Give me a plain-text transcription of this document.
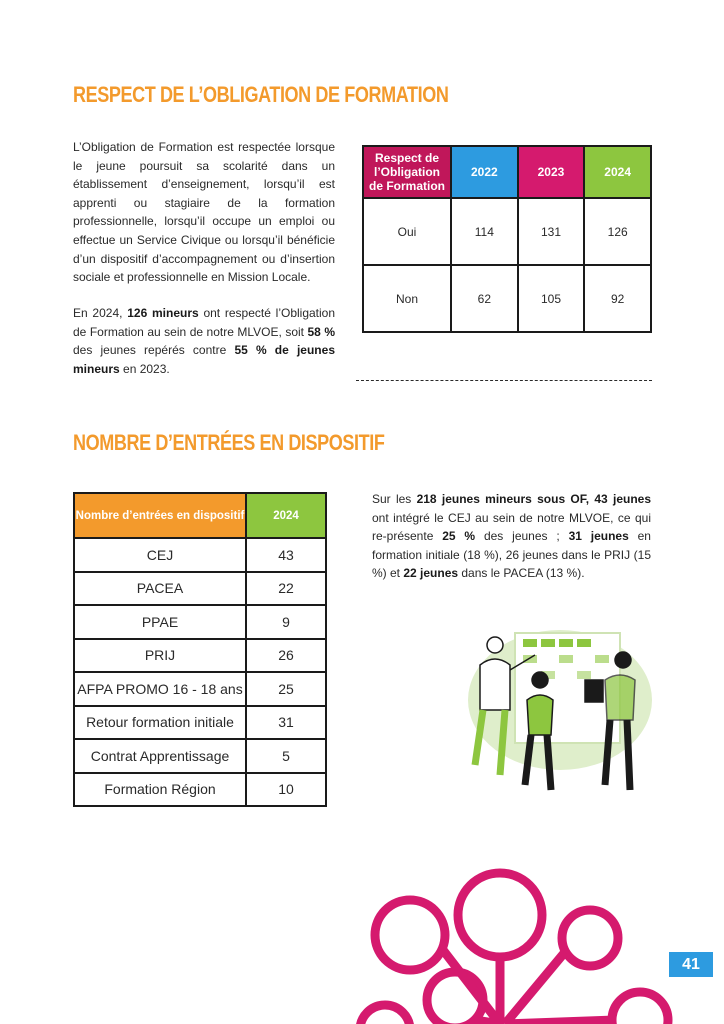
RESPECT DE L’OBLIGATION DE FORMATION

L’Obligation de Formation est respectée lorsque le jeune poursuit sa scolarité dans un établissement d’enseignement, lorsqu’il est apprenti ou stagiaire de la formation professionnelle, lorsqu’il occupe un emploi ou effectue un Service Civique ou lorsqu’il bénéficie d’un dispositif d’accompagnement ou d’insertion sociale et professionnelle en Mission Locale.

En 2024, 126 mineurs ont respecté l’Obligation de Formation au sein de notre MLVOE, soit 58 % des jeunes repérés contre 55 % de jeunes mineurs en 2023.

Respect de l’Obligation de Formation	2022	2023	2024
Oui	114	131	126
Non	62	105	92
NOMBRE D’ENTRÉES EN DISPOSITIF
Nombre d’entrées en dispositif	2024
CEJ	43
PACEA	22
PPAE	9
PRIJ	26
AFPA PROMO 16 - 18 ans	25
Retour formation initiale	31
Contrat Apprentissage	5
Formation Région	10

Sur les 218 jeunes mineurs sous OF, 43 jeunes ont intégré le CEJ au sein de notre MLVOE, ce qui re-présente 25 % des jeunes ; 31 jeunes en formation initiale (18 %), 26 jeunes dans le PRIJ (15 %) et 22 jeunes dans le PACEA (13 %).

41
